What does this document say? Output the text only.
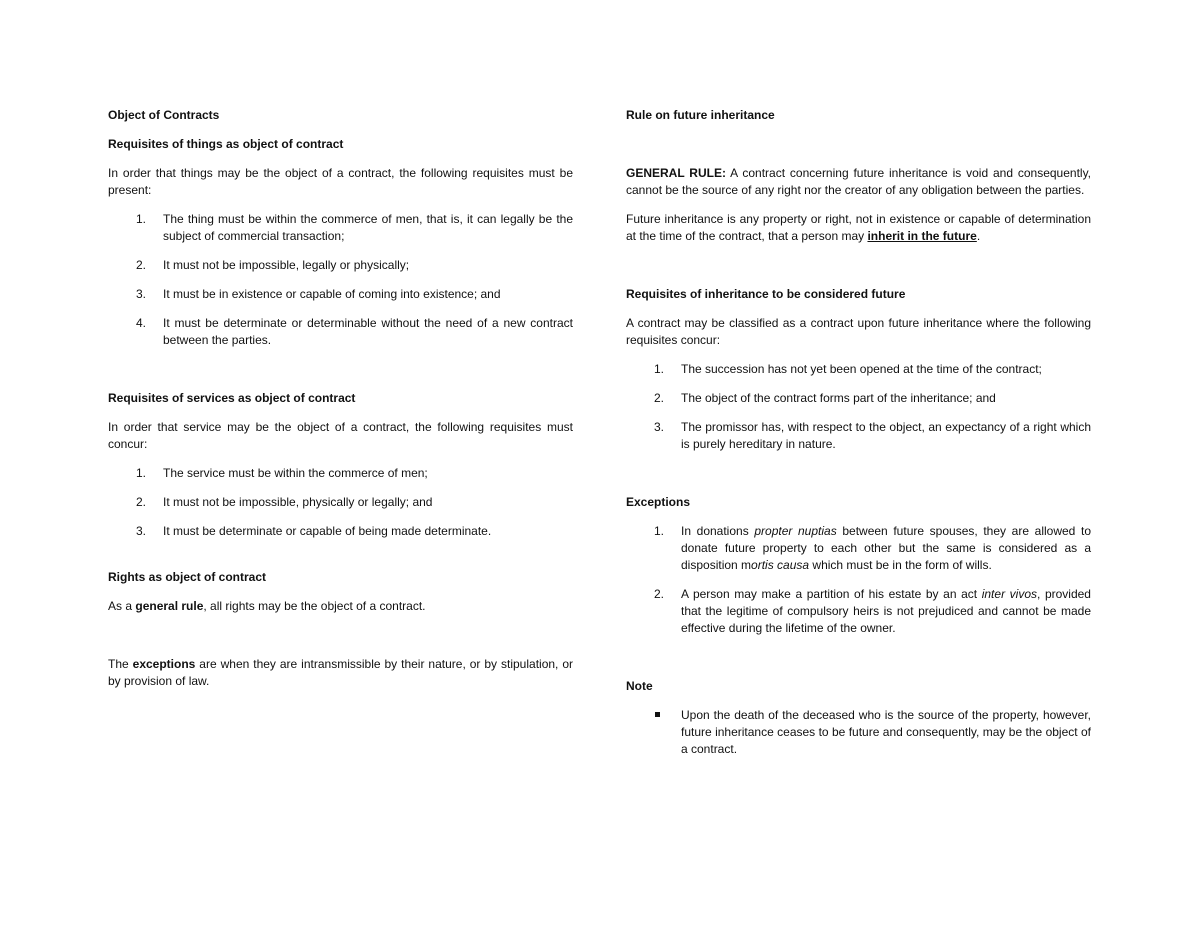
Object of Contracts
Requisites of things as object of contract

In order that things may be the object of a contract, the following requisites must be present:

1. The thing must be within the commerce of men, that is, it can legally be the subject of commercial transaction;
2. It must not be impossible, legally or physically;
3. It must be in existence or capable of coming into existence; and
4. It must be determinate or determinable without the need of a new contract between the parties.
Requisites of services as object of contract

In order that service may be the object of a contract, the following requisites must concur:

1. The service must be within the commerce of men;
2. It must not be impossible, physically or legally; and
3. It must be determinate or capable of being made determinate.
Rights as object of contract

As a general rule, all rights may be the object of a contract.

The exceptions are when they are intransmissible by their nature, or by stipulation, or by provision of law.

Rule on future inheritance

GENERAL RULE: A contract concerning future inheritance is void and consequently, cannot be the source of any right nor the creator of any obligation between the parties.

Future inheritance is any property or right, not in existence or capable of determination at the time of the contract, that a person may inherit in the future.

Requisites of inheritance to be considered future

A contract may be classified as a contract upon future inheritance where the following requisites concur:

1. The succession has not yet been opened at the time of the contract;
2. The object of the contract forms part of the inheritance; and
3. The promissor has, with respect to the object, an expectancy of a right which is purely hereditary in nature.
Exceptions
1. In donations propter nuptias between future spouses, they are allowed to donate future property to each other but the same is considered as a disposition mortis causa which must be in the form of wills.
2. A person may make a partition of his estate by an act inter vivos, provided that the legitime of compulsory heirs is not prejudiced and cannot be made effective during the lifetime of the owner.
Note
Upon the death of the deceased who is the source of the property, however, future inheritance ceases to be future and consequently, may be the object of a contract.
